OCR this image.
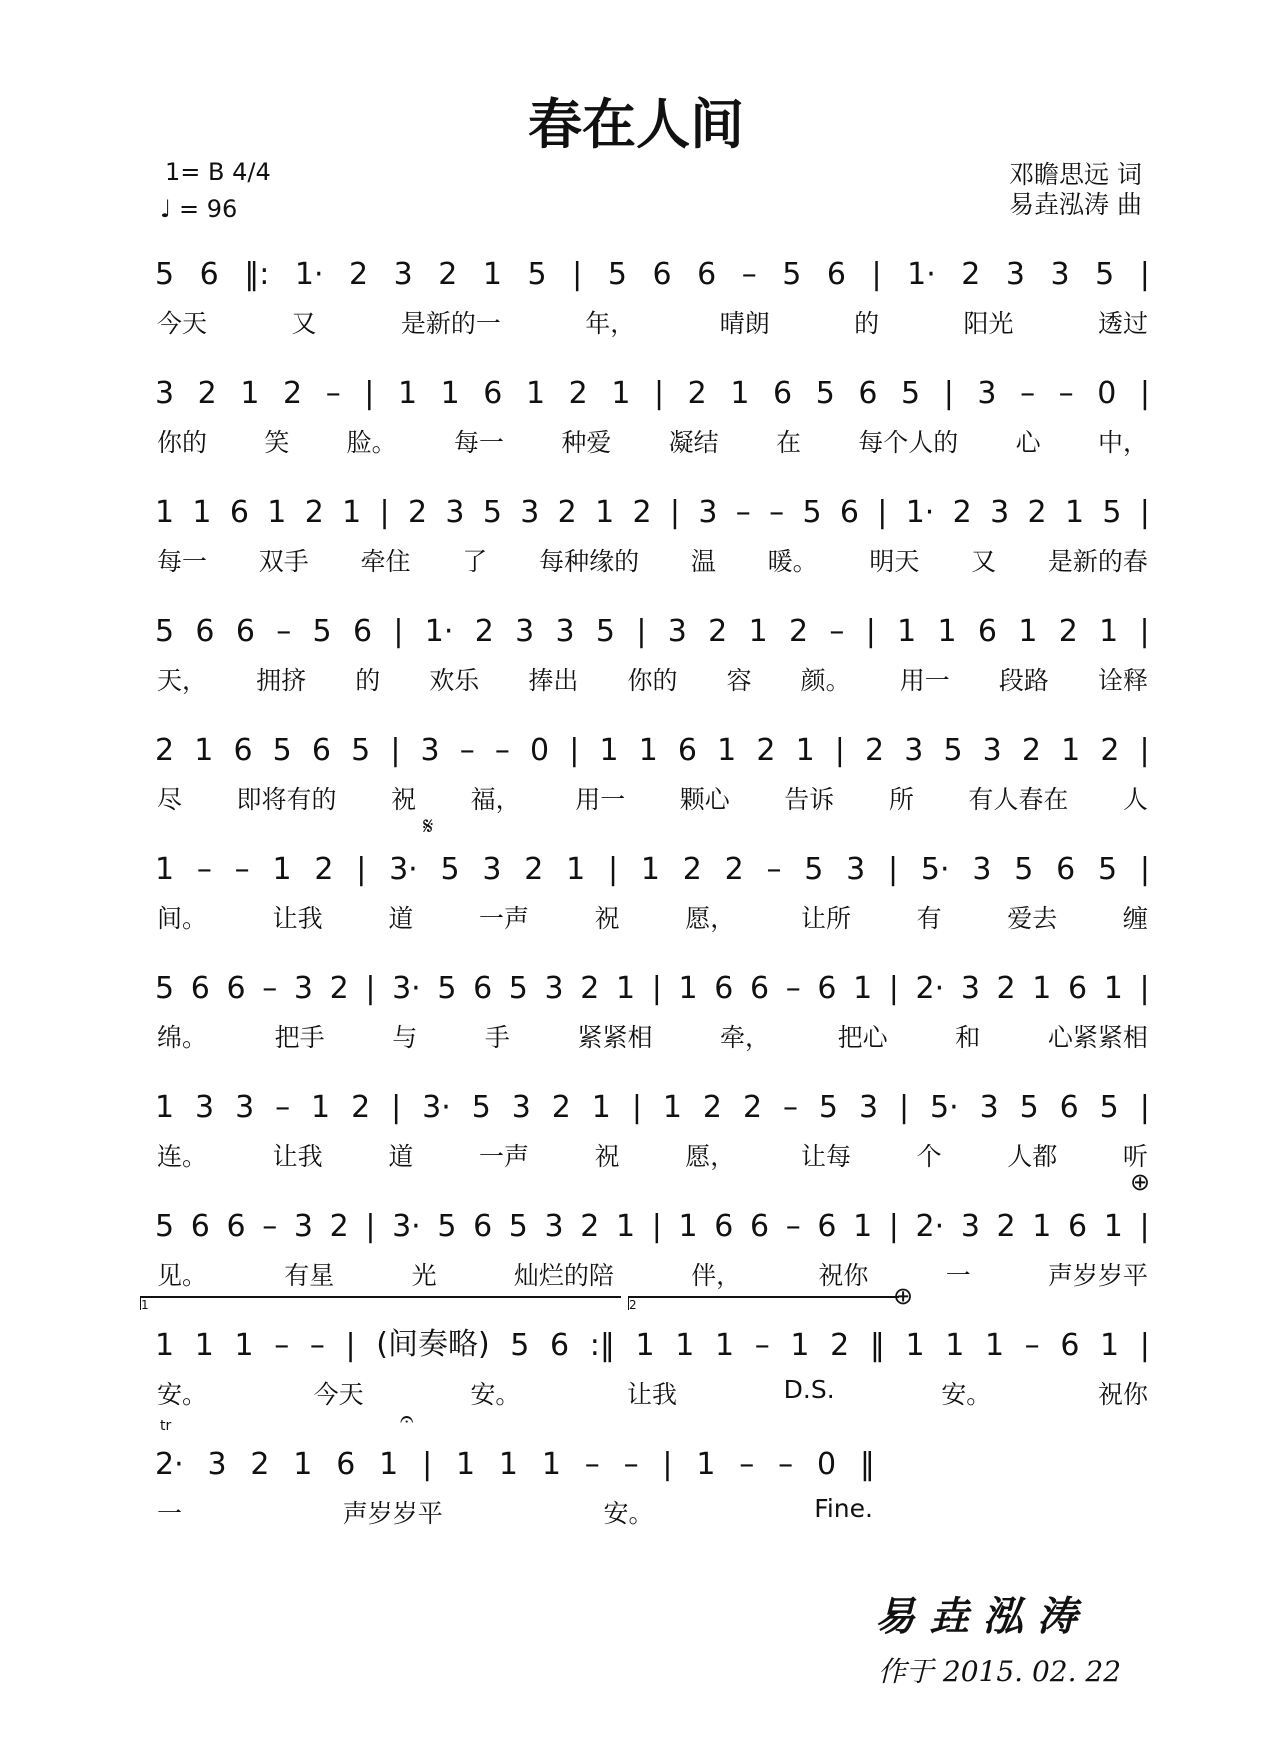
春在人间
1= B 4/4
♩ = 96
邓瞻思远 词
易垚泓涛 曲
5 6 ‖: 1· 2 3 2 1 5 | 5 6 6 – 5 6 | 1· 2 3 3 5 |
今天	又	是新的一	年，	晴朗	的	阳光	透过
3 2 1 2 – | 1 1 6 1 2 1 | 2 1 6 5 6 5 | 3 – – 0 |
你的 笑 脸。 每一 种爱 凝结 在 每个人的 心 中，
1 1 6 1 2 1 | 2 3 5 3 2 1 2 | 3 – – 5 6 | 1· 2 3 2 1 5 |
每一 双手 牵住 了 每种缘的 温 暖。 明天 又 是新的春
5 6 6 – 5 6 | 1· 2 3 3 5 | 3 2 1 2 – | 1 1 6 1 2 1 |
天， 拥挤 的 欢乐 捧出 你的 容 颜。 用一 段路 诠释
2 1 6 5 6 5 | 3 – – 0 | 1 1 6 1 2 1 | 2 3 5 3 2 1 2 |
尽 即将有的 祝 福， 用一 颗心 告诉 所 有人春在 人
1 – – 1 2 | 3· 5 3 2 1 | 1 2 2 – 5 3 | 5· 3 5 6 5 |
间。	让我	道	一声	祝	愿，	让所	有	爱去	缠
5 6 6 – 3 2 | 3· 5 6 5 3 2 1 | 1 6 6 – 6 1 | 2· 3 2 1 6 1 |
绵。	把手	与	手	紧紧相	牵，	把心	和	心紧紧相
1 3 3 – 1 2 | 3· 5 3 2 1 | 1 2 2 – 5 3 | 5· 3 5 6 5 |
连。	让我	道	一声	祝	愿，	让每	个	人都	听
5 6 6 – 3 2 | 3· 5 6 5 3 2 1 | 1 6 6 – 6 1 | 2· 3 2 1 6 1 |
见。	有星	光	灿烂的陪	伴，	祝你	一	声岁岁平
1 1 1 – – | (间奏略) 5 6 :‖ 1 1 1 – 1 2 ‖ 1 1 1 – 6 1 |
安。	今天	安。	让我	D.S.	安。	祝你
2· 3 2 1 6 1 | 1 1 1 – – | 1 – – 0 ‖
一	声岁岁平	安。	Fine.
𝄋
⊕
⊕
1	2
tr	𝄐
易垚泓涛
作于 2015. 02. 22
